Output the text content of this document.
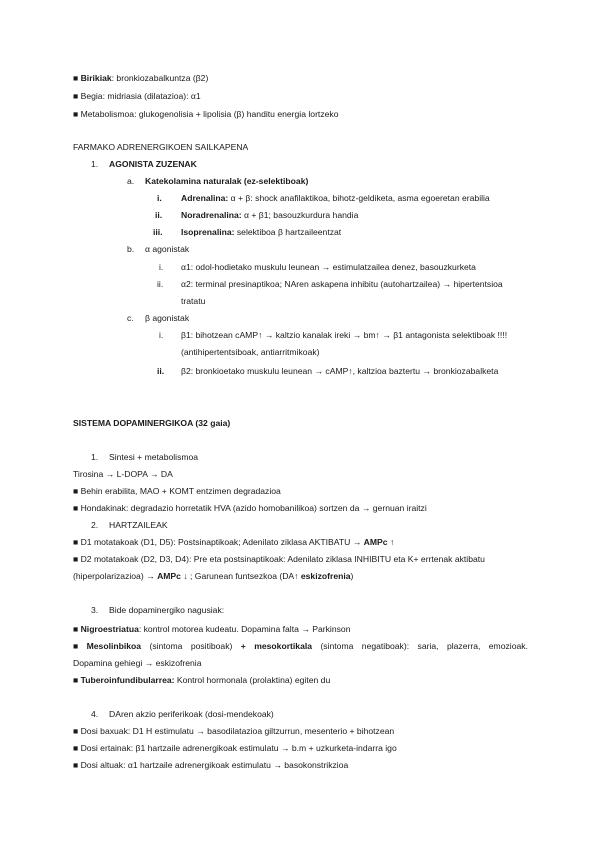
■ Birikiak: bronkiozabalkuntza (β2)
■ Begia: midriasia (dilatazioa): α1
■ Metabolismoa: glukogenolisia + lipolisia (β) handitu energia lortzeko
FARMAKO ADRENERGIKOEN SAILKAPENA
1. AGONISTA ZUZENAK
a. Katekolamina naturalak (ez-selektiboak)
i. Adrenalina: α + β: shock anafilaktikoa, bihotz-geldiketa, asma egoeretan erabilia
ii. Noradrenalina: α + β1; basouzkurdura handia
iii. Isoprenalina: selektiboa β hartzaileentzat
b. α agonistak
i. α1: odol-hodietako muskulu leunean → estimulatzailea denez, basouzkurketa
ii. α2: terminal presinaptikoa; NAren askapena inhibitu (autohartzailea) → hipertentsioa
tratatu
c. β agonistak
i. β1: bihotzean cAMP↑ → kaltzio kanalak ireki → bm↑ → β1 antagonista selektiboak !!!!
(antihipertentsiboak, antiarritmikoak)
ii. β2: bronkioetako muskulu leunean → cAMP↑, kaltzioa baztertu → bronkiozabalketa
SISTEMA DOPAMINERGIKOA (32 gaia)
1. Sintesi + metabolismoa
Tirosina → L-DOPA → DA
■ Behin erabilita, MAO + KOMT entzimen degradazioa
■ Hondakinak: degradazio horretatik HVA (azido homobanilikoa) sortzen da → gernuan iraitzi
2. HARTZAILEAK
■ D1 motatakoak (D1, D5): Postsinaptikoak; Adenilato ziklasa AKTIBATU → AMPc ↑
■ D2 motatakoak (D2, D3, D4): Pre eta postsinaptikoak: Adenilato ziklasa INHIBITU eta K+ errtenak aktibatu
(hiperpolarizazioa) → AMPc ↓ ; Garunean funtsezkoa (DA↑ eskizofrenia)
3. Bide dopaminergiko nagusiak:
■ Nigroestriatua: kontrol motorea kudeatu. Dopamina falta → Parkinson
■ Mesolinbikoa (sintoma positiboak) + mesokortikala (sintoma negatiboak): saria, plazerra, emozioak.
Dopamina gehiegi → eskizofrenia
■ Tuberoinfundibularrea: Kontrol hormonala (prolaktina) egiten du
4. DAren akzio periferikoak (dosi-mendekoak)
■ Dosi baxuak: D1 H estimulatu → basodilatazioa giltzurrun, mesenterio + bihotzean
■ Dosi ertainak: β1 hartzaile adrenergikoak estimulatu → b.m + uzkurketa-indarra igo
■ Dosi altuak: α1 hartzaile adrenergikoak estimulatu → basokonstrikzioa
